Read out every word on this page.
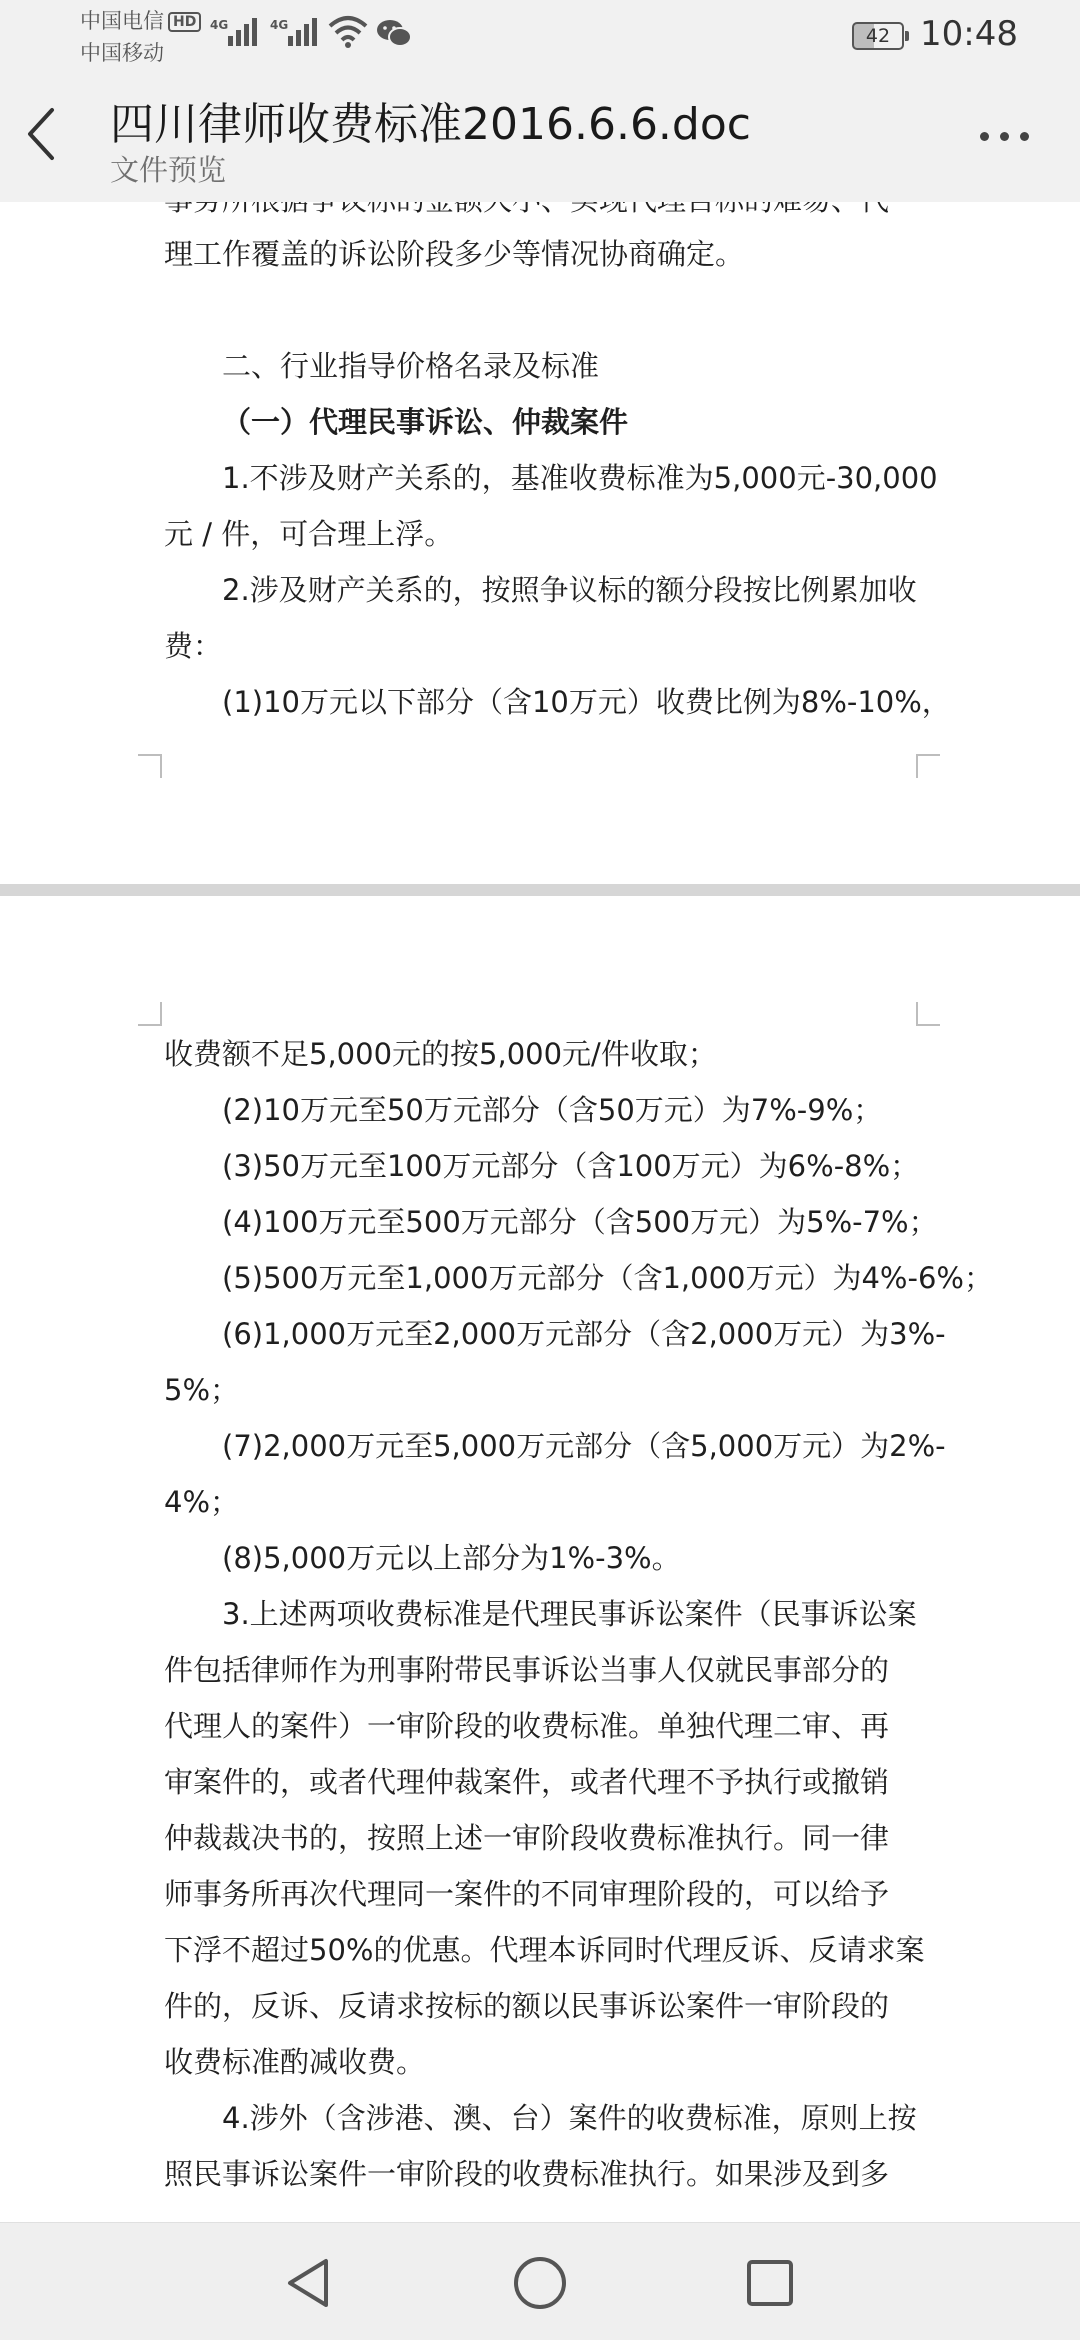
中国电信 HD
中国移动
4G	4G	42 10:48
四川律师收费标准2016.6.6.doc
文件预览
理工作覆盖的诉讼阶段多少等情况协商确定。
二、行业指导价格名录及标准
（一）代理民事诉讼、仲裁案件
1.不涉及财产关系的，基准收费标准为5,000元-30,000
元 / 件，可合理上浮。
2.涉及财产关系的，按照争议标的额分段按比例累加收
费：
(1)10万元以下部分（含10万元）收费比例为8%-10%，
收费额不足5,000元的按5,000元/件收取；
(2)10万元至50万元部分（含50万元）为7%-9%；
(3)50万元至100万元部分（含100万元）为6%-8%；
(4)100万元至500万元部分（含500万元）为5%-7%；
(5)500万元至1,000万元部分（含1,000万元）为4%-6%；
(6)1,000万元至2,000万元部分（含2,000万元）为3%-
5%；
(7)2,000万元至5,000万元部分（含5,000万元）为2%-
4%；
(8)5,000万元以上部分为1%-3%。
3.上述两项收费标准是代理民事诉讼案件（民事诉讼案
件包括律师作为刑事附带民事诉讼当事人仅就民事部分的
代理人的案件）一审阶段的收费标准。单独代理二审、再
审案件的，或者代理仲裁案件，或者代理不予执行或撤销
仲裁裁决书的，按照上述一审阶段收费标准执行。同一律
师事务所再次代理同一案件的不同审理阶段的，可以给予
下浮不超过50%的优惠。代理本诉同时代理反诉、反请求案
件的，反诉、反请求按标的额以民事诉讼案件一审阶段的
收费标准酌减收费。
4.涉外（含涉港、澳、台）案件的收费标准，原则上按
照民事诉讼案件一审阶段的收费标准执行。如果涉及到多
